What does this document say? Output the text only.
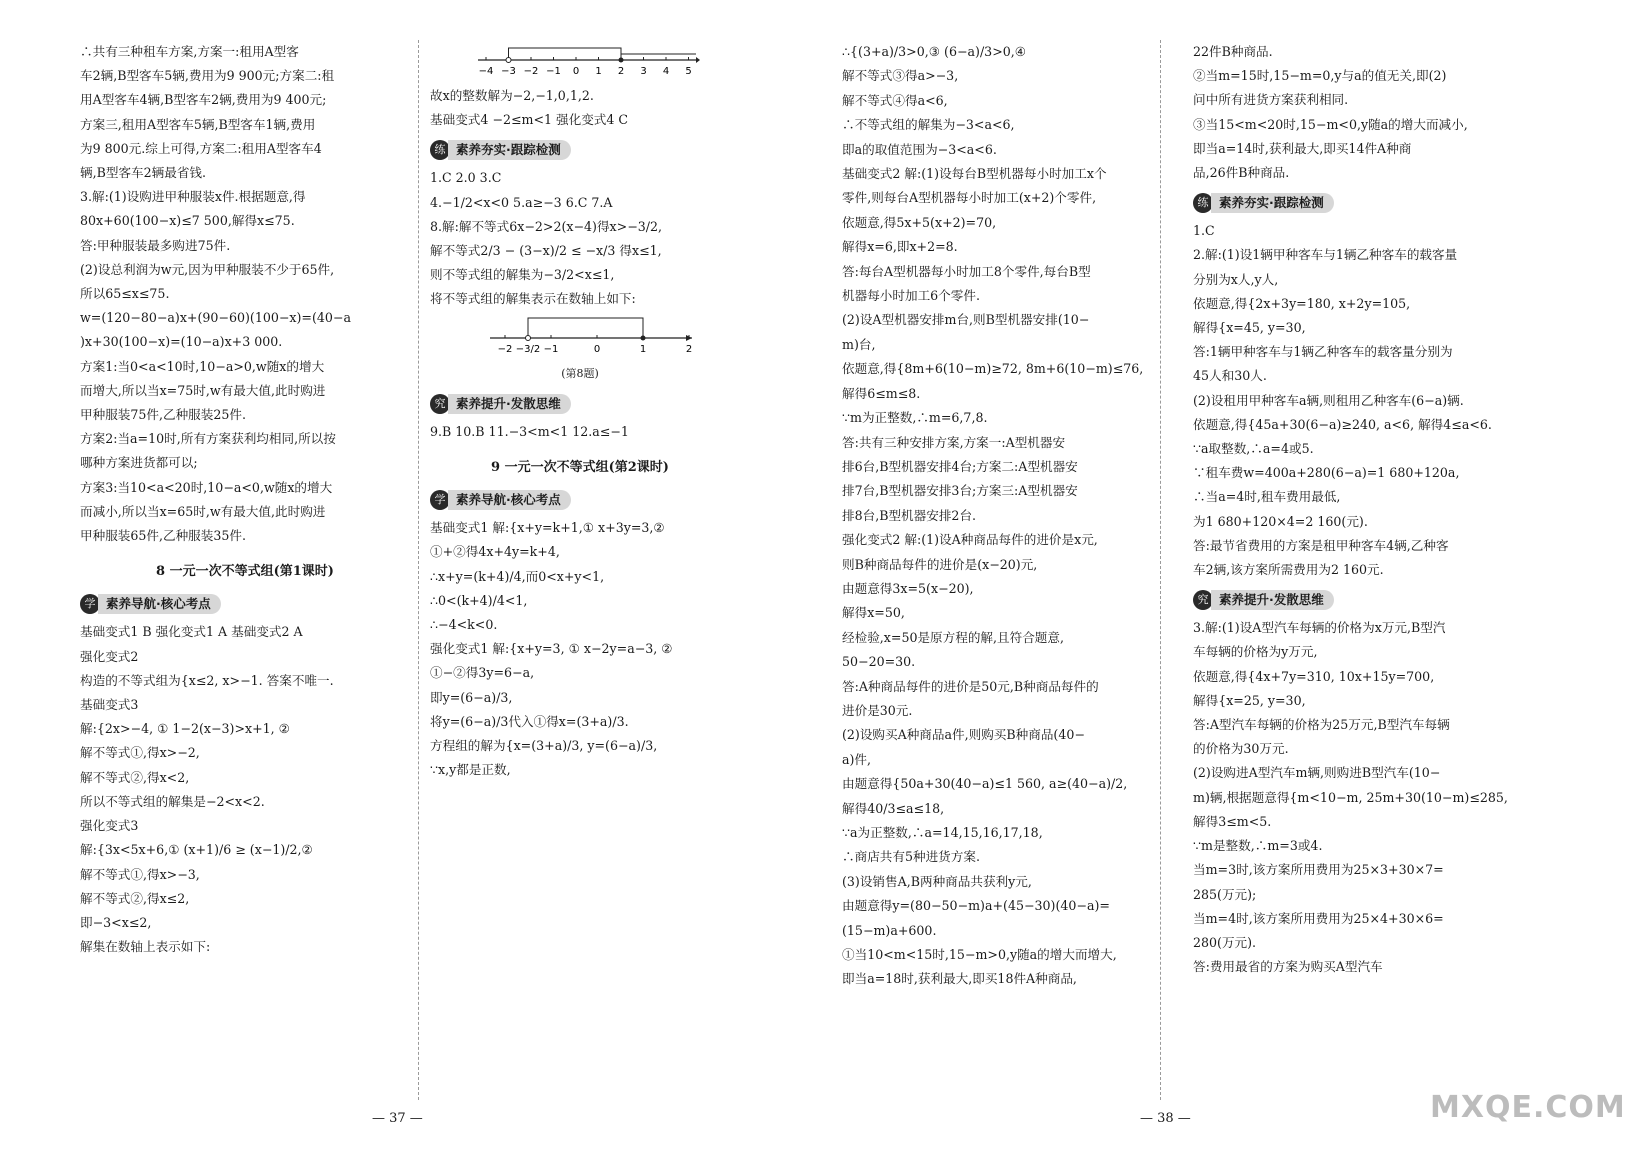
∴共有三种租车方案,方案一:租用A型客

车2辆,B型客车5辆,费用为9 900元;方案二:租

用A型客车4辆,B型客车2辆,费用为9 400元;

方案三,租用A型客车5辆,B型客车1辆,费用

为9 800元.综上可得,方案二:租用A型客车4

辆,B型客车2辆最省钱.

3.解:(1)设购进甲种服装x件.根据题意,得

80x+60(100−x)≤7 500,解得x≤75.

答:甲种服装最多购进75件.

(2)设总利润为w元,因为甲种服装不少于65件,

所以65≤x≤75.

w=(120−80−a)x+(90−60)(100−x)=(40−a

)x+30(100−x)=(10−a)x+3 000.

方案1:当0<a<10时,10−a>0,w随x的增大

而增大,所以当x=75时,w有最大值,此时购进

甲种服装75件,乙种服装25件.

方案2:当a=10时,所有方案获利均相同,所以按

哪种方案进货都可以;

方案3:当10<a<20时,10−a<0,w随x的增大

而减小,所以当x=65时,w有最大值,此时购进

甲种服装65件,乙种服装35件.

8 一元一次不等式组(第1课时)

学 素养导航·核心考点

基础变式1 B 强化变式1 A 基础变式2 A

强化变式2

构造的不等式组为{x≤2, x>−1. 答案不唯一.

基础变式3

解:{2x>−4, ① 1−2(x−3)>x+1, ②

解不等式①,得x>−2,

解不等式②,得x<2,

所以不等式组的解集是−2<x<2.

强化变式3

解:{3x<5x+6,① (x+1)/6 ≥ (x−1)/2,②

解不等式①,得x>−3,

解不等式②,得x≤2,

即−3<x≤2,

解集在数轴上表示如下:

−4 −3 −2 −1 0 1 2 3 4 5

故x的整数解为−2,−1,0,1,2.

基础变式4 −2≤m<1 强化变式4 C

练 素养夯实·跟踪检测

1.C 2.0 3.C

4.−1/2<x<0 5.a≥−3 6.C 7.A

8.解:解不等式6x−2>2(x−4)得x>−3/2,

解不等式2/3 − (3−x)/2 ≤ −x/3 得x≤1,

则不等式组的解集为−3/2<x≤1,

将不等式组的解集表示在数轴上如下:

−2 −3/2 −1	0	1	2

(第8题)

究 素养提升·发散思维

9.B 10.B 11.−3<m<1 12.a≤−1

9 一元一次不等式组(第2课时)

学 素养导航·核心考点

基础变式1 解:{x+y=k+1,① x+3y=3,②

①+②得4x+4y=k+4,

∴x+y=(k+4)/4,而0<x+y<1,

∴0<(k+4)/4<1,

∴−4<k<0.

强化变式1 解:{x+y=3, ① x−2y=a−3, ②

①−②得3y=6−a,

即y=(6−a)/3,

将y=(6−a)/3代入①得x=(3+a)/3.

方程组的解为{x=(3+a)/3, y=(6−a)/3,

∵x,y都是正数,

∴{(3+a)/3>0,③ (6−a)/3>0,④

解不等式③得a>−3,

解不等式④得a<6,

∴不等式组的解集为−3<a<6,

即a的取值范围为−3<a<6.

基础变式2 解:(1)设每台B型机器每小时加工x个

零件,则每台A型机器每小时加工(x+2)个零件,

依题意,得5x+5(x+2)=70,

解得x=6,即x+2=8.

答:每台A型机器每小时加工8个零件,每台B型

机器每小时加工6个零件.

(2)设A型机器安排m台,则B型机器安排(10−

m)台,

依题意,得{8m+6(10−m)≥72, 8m+6(10−m)≤76,

解得6≤m≤8.

∵m为正整数,∴m=6,7,8.

答:共有三种安排方案,方案一:A型机器安

排6台,B型机器安排4台;方案二:A型机器安

排7台,B型机器安排3台;方案三:A型机器安

排8台,B型机器安排2台.

强化变式2 解:(1)设A种商品每件的进价是x元,

则B种商品每件的进价是(x−20)元,

由题意得3x=5(x−20),

解得x=50,

经检验,x=50是原方程的解,且符合题意,

50−20=30.

答:A种商品每件的进价是50元,B种商品每件的

进价是30元.

(2)设购买A种商品a件,则购买B种商品(40−

a)件,

由题意得{50a+30(40−a)≤1 560, a≥(40−a)/2,

解得40/3≤a≤18,

∵a为正整数,∴a=14,15,16,17,18,

∴商店共有5种进货方案.

(3)设销售A,B两种商品共获利y元,

由题意得y=(80−50−m)a+(45−30)(40−a)=

(15−m)a+600.

①当10<m<15时,15−m>0,y随a的增大而增大,

即当a=18时,获利最大,即买18件A种商品,

22件B种商品.

②当m=15时,15−m=0,y与a的值无关,即(2)

问中所有进货方案获利相同.

③当15<m<20时,15−m<0,y随a的增大而减小,

即当a=14时,获利最大,即买14件A种商

品,26件B种商品.

练 素养夯实·跟踪检测

1.C

2.解:(1)设1辆甲种客车与1辆乙种客车的载客量

分别为x人,y人,

依题意,得{2x+3y=180, x+2y=105,

解得{x=45, y=30,

答:1辆甲种客车与1辆乙种客车的载客量分别为

45人和30人.

(2)设租用甲种客车a辆,则租用乙种客车(6−a)辆.

依题意,得{45a+30(6−a)≥240, a<6, 解得4≤a<6.

∵a取整数,∴a=4或5.

∵租车费w=400a+280(6−a)=1 680+120a,

∴当a=4时,租车费用最低,

为1 680+120×4=2 160(元).

答:最节省费用的方案是租甲种客车4辆,乙种客

车2辆,该方案所需费用为2 160元.

究 素养提升·发散思维

3.解:(1)设A型汽车每辆的价格为x万元,B型汽

车每辆的价格为y万元,

依题意,得{4x+7y=310, 10x+15y=700,

解得{x=25, y=30,

答:A型汽车每辆的价格为25万元,B型汽车每辆

的价格为30万元.

(2)设购进A型汽车m辆,则购进B型汽车(10−

m)辆,根据题意得{m<10−m, 25m+30(10−m)≤285,

解得3≤m<5.

∵m是整数,∴m=3或4.

当m=3时,该方案所用费用为25×3+30×7=

285(万元);

当m=4时,该方案所用费用为25×4+30×6=

280(万元).

答:费用最省的方案为购买A型汽车

— 37 —	— 38 —	MXQE.COM
